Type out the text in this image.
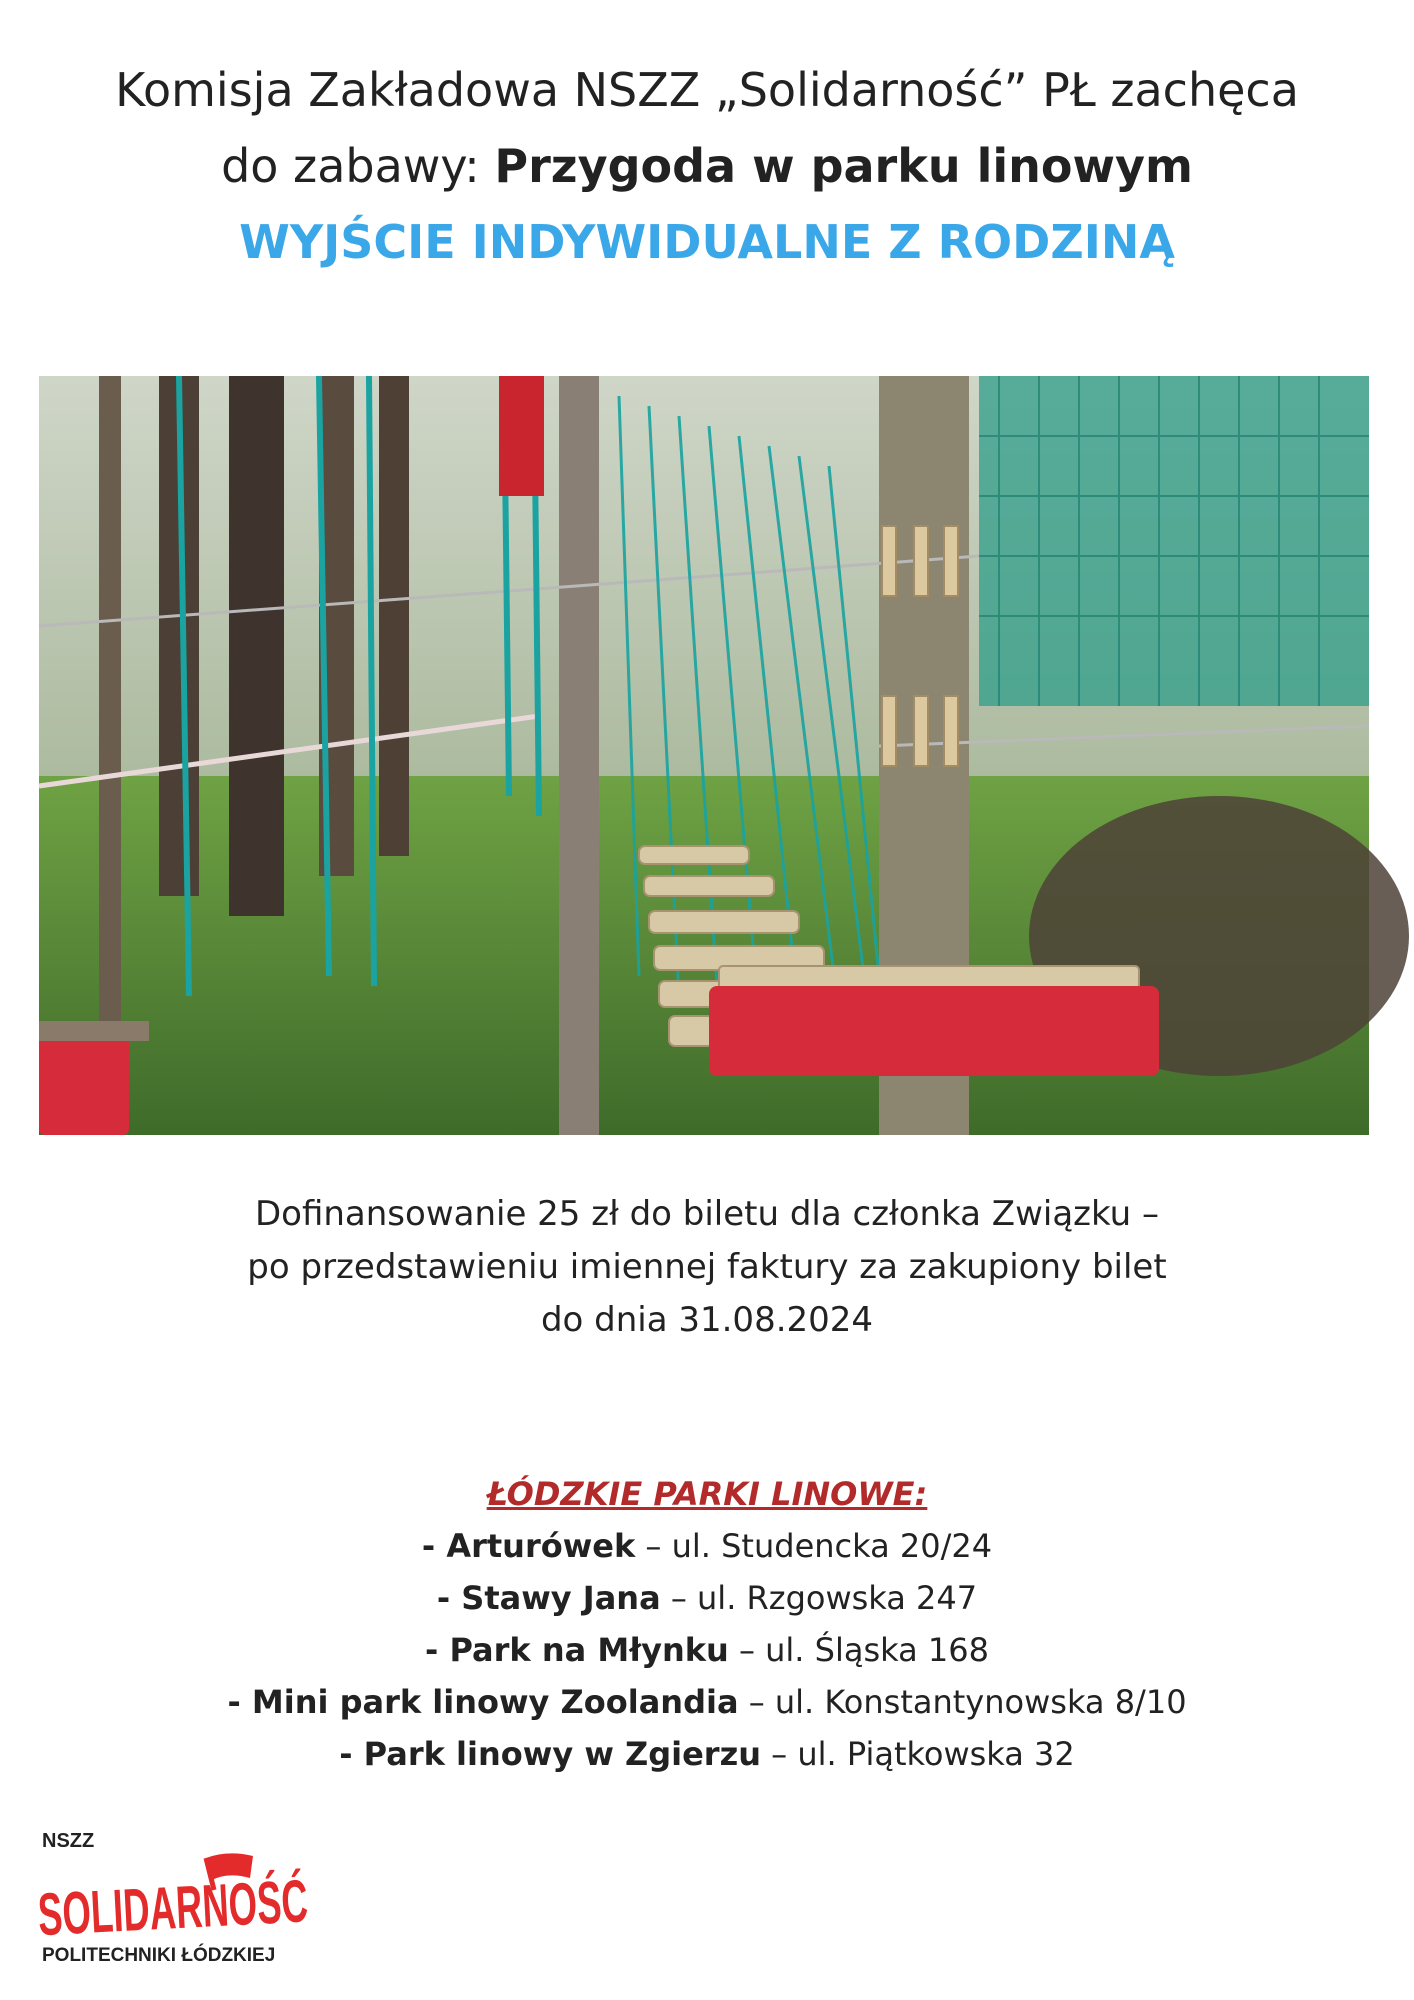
Komisja Zakładowa NSZZ „Solidarność” PŁ zachęca
do zabawy: Przygoda w parku linowym
WYJŚCIE INDYWIDUALNE Z RODZINĄ
Dofinansowanie 25 zł do biletu dla członka Związku –
po przedstawieniu imiennej faktury za zakupiony bilet
do dnia 31.08.2024
ŁÓDZKIE PARKI LINOWE:
- Arturówek – ul. Studencka 20/24
- Stawy Jana – ul. Rzgowska 247
- Park na Młynku – ul. Śląska 168
- Mini park linowy Zoolandia – ul. Konstantynowska 8/10
- Park linowy w Zgierzu – ul. Piątkowska 32
NSZZ
SOLIDARNOŚĆ
POLITECHNIKI ŁÓDZKIEJ
